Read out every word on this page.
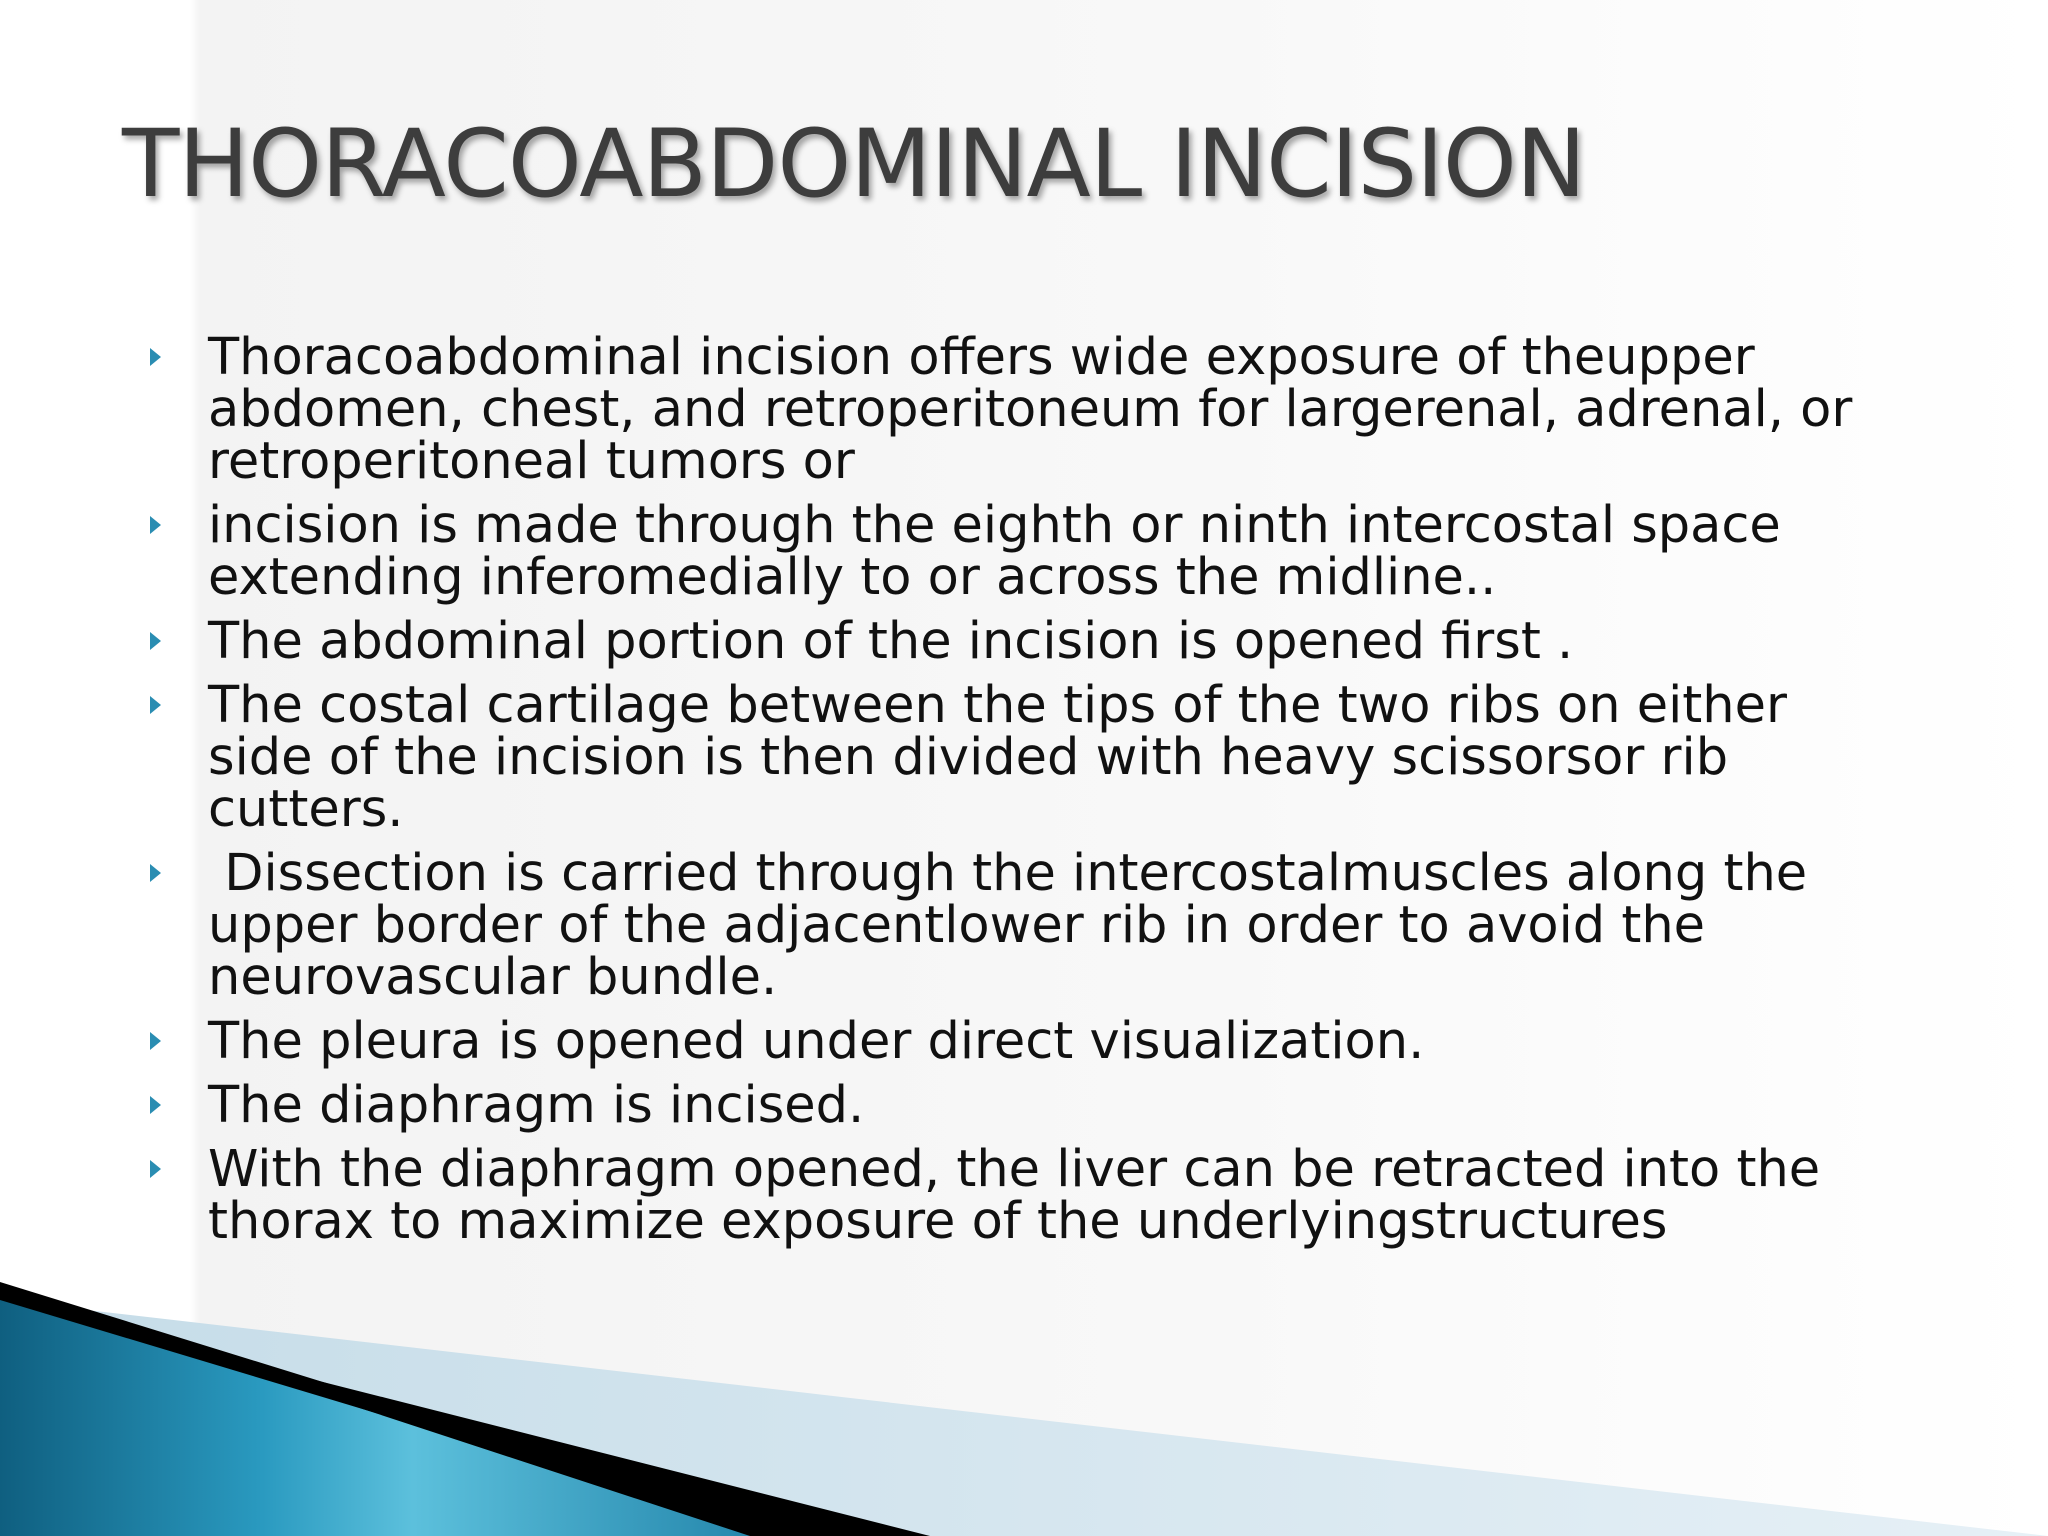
THORACOABDOMINAL INCISION
Thoracoabdominal incision offers wide exposure of theupper abdomen, chest, and retroperitoneum for largerenal, adrenal, or retroperitoneal tumors or
incision is made through the eighth or ninth intercostal space extending inferomedially to or across the midline..
The abdominal portion of the incision is opened first .
The costal cartilage between the tips of the two ribs on either side of the incision is then divided with heavy scissorsor rib cutters.
Dissection is carried through the intercostalmuscles along the upper border of the adjacentlower rib in order to avoid the neurovascular bundle.
The pleura is opened under direct visualization.
The diaphragm is incised.
With the diaphragm opened, the liver can be retracted into the thorax to maximize exposure of the underlyingstructures
